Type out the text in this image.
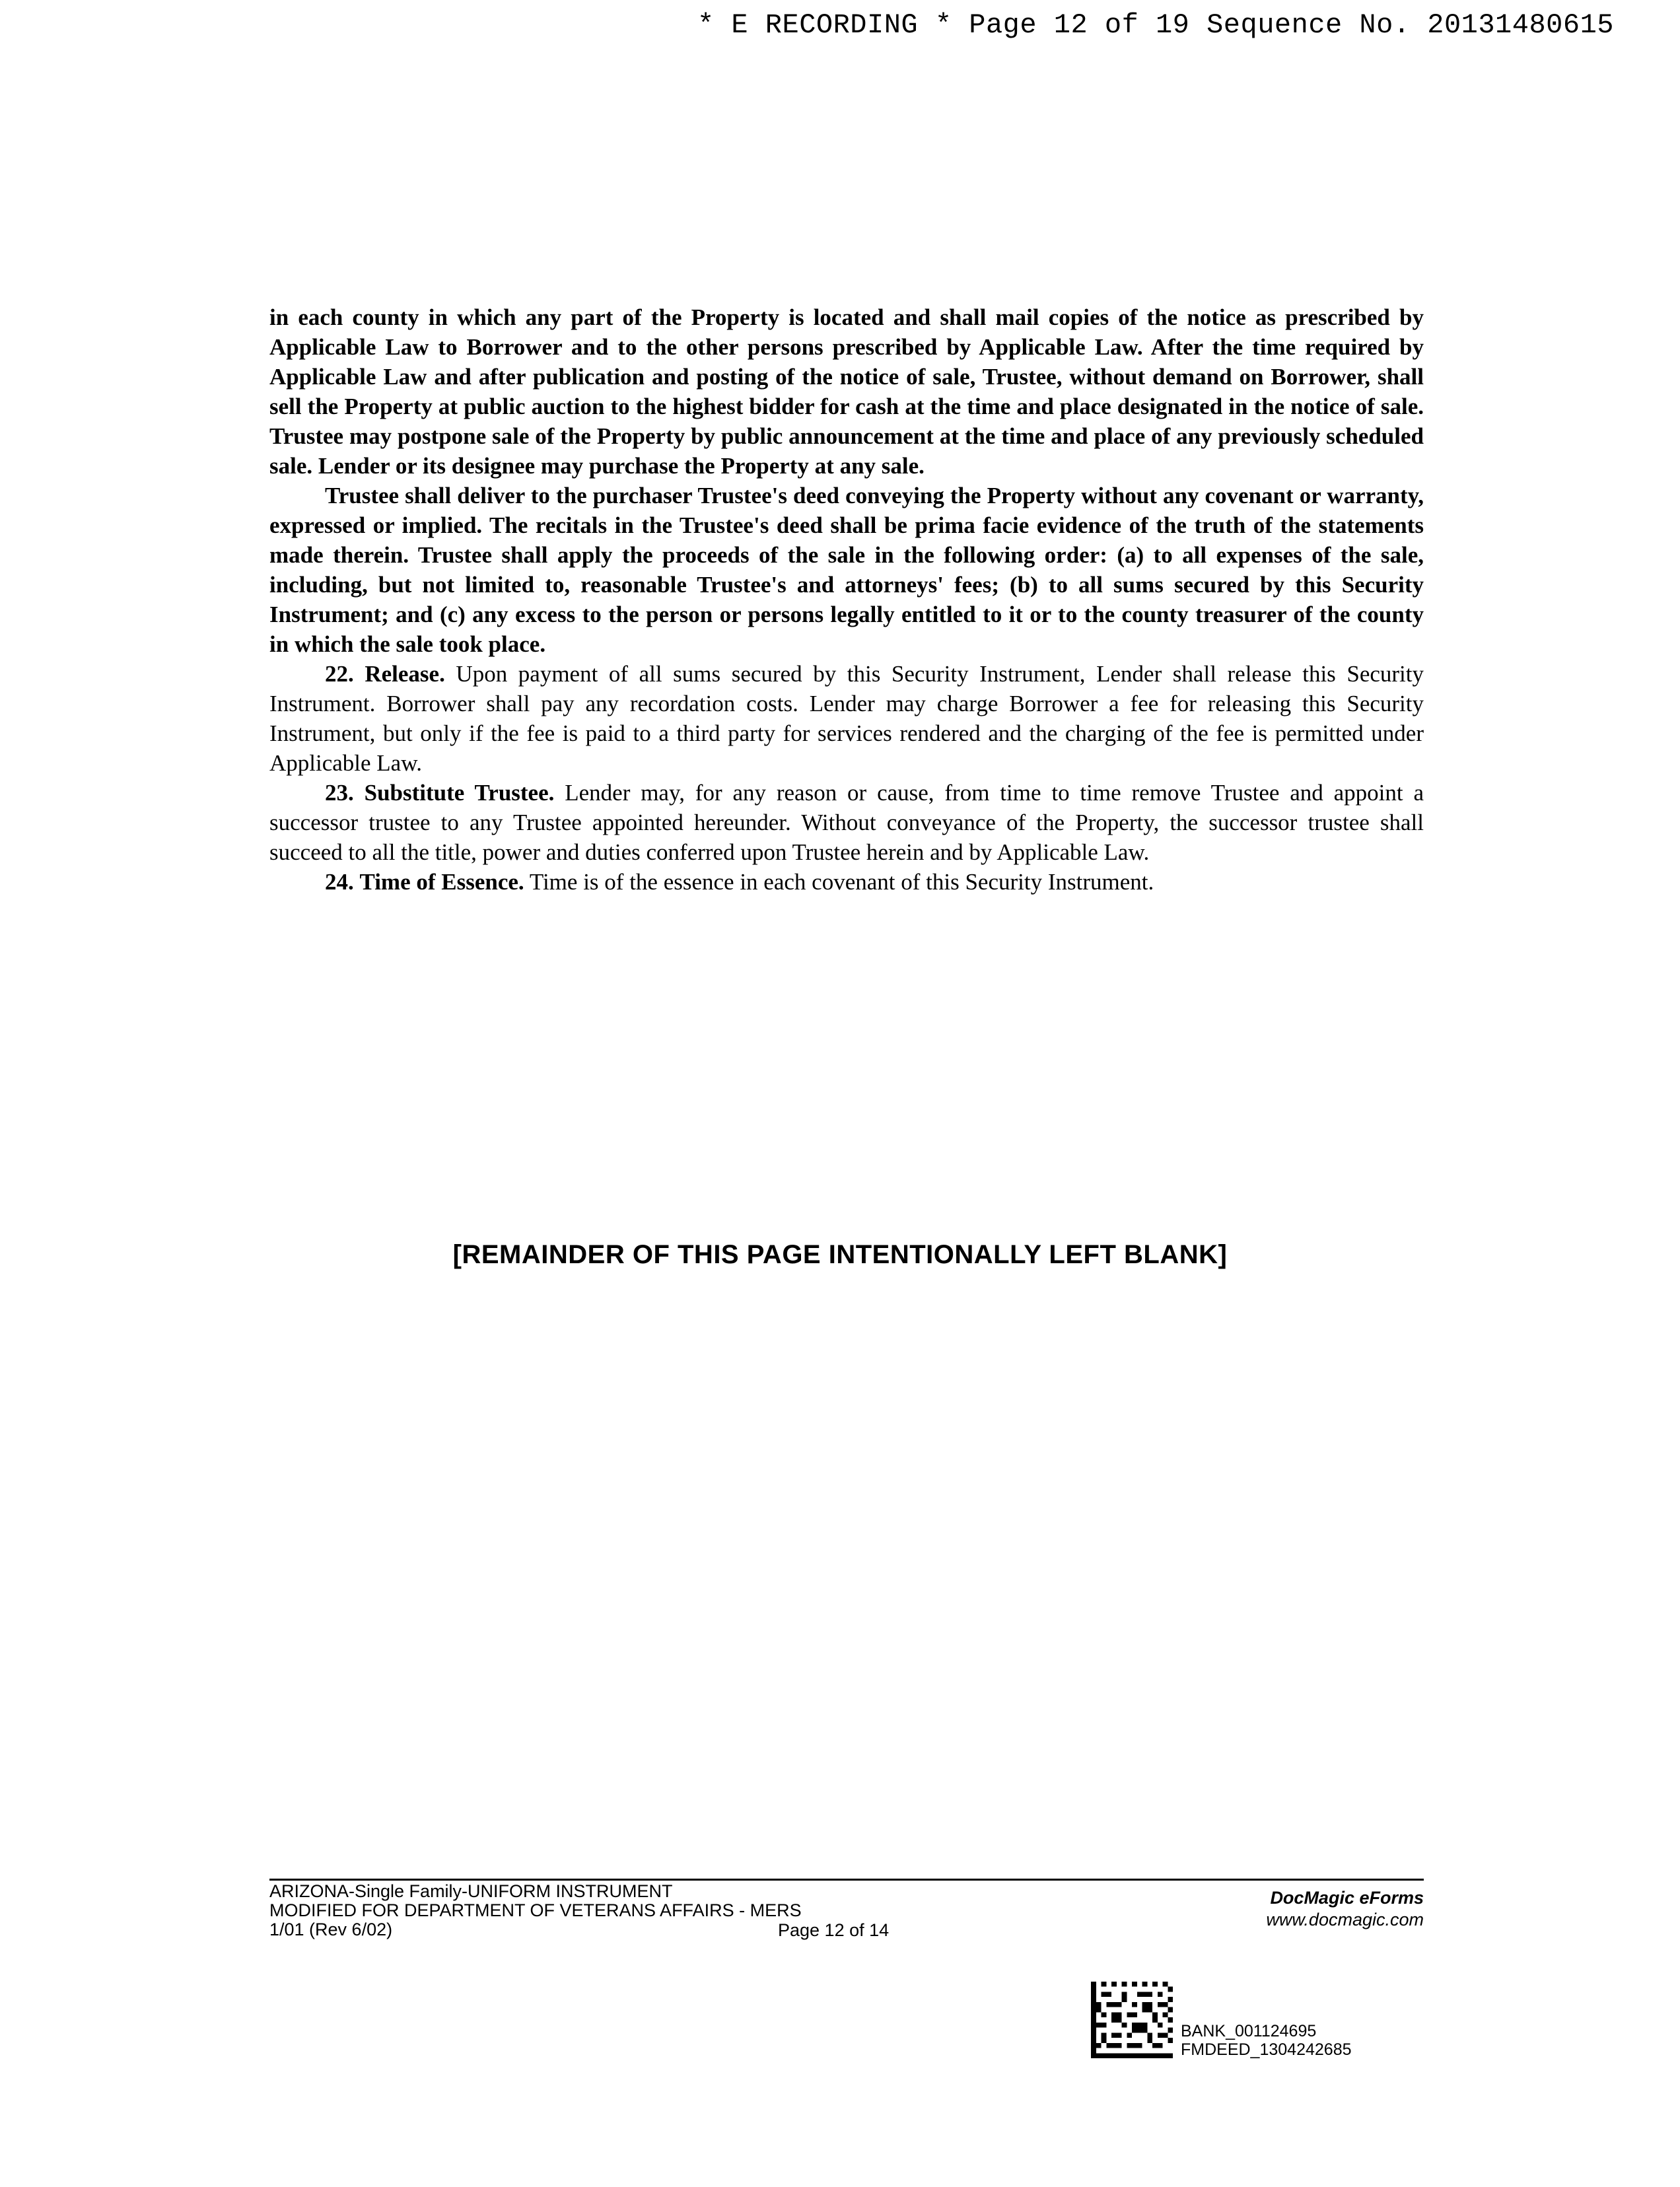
* E RECORDING * Page 12 of 19 Sequence No. 20131480615

in each county in which any part of the Property is located and shall mail copies of the notice as prescribed by Applicable Law to Borrower and to the other persons prescribed by Applicable Law. After the time required by Applicable Law and after publication and posting of the notice of sale, Trustee, without demand on Borrower, shall sell the Property at public auction to the highest bidder for cash at the time and place designated in the notice of sale. Trustee may postpone sale of the Property by public announcement at the time and place of any previously scheduled sale. Lender or its designee may purchase the Property at any sale.

Trustee shall deliver to the purchaser Trustee's deed conveying the Property without any covenant or warranty, expressed or implied. The recitals in the Trustee's deed shall be prima facie evidence of the truth of the statements made therein. Trustee shall apply the proceeds of the sale in the following order: (a) to all expenses of the sale, including, but not limited to, reasonable Trustee's and attorneys' fees; (b) to all sums secured by this Security Instrument; and (c) any excess to the person or persons legally entitled to it or to the county treasurer of the county in which the sale took place.

22. Release. Upon payment of all sums secured by this Security Instrument, Lender shall release this Security Instrument. Borrower shall pay any recordation costs. Lender may charge Borrower a fee for releasing this Security Instrument, but only if the fee is paid to a third party for services rendered and the charging of the fee is permitted under Applicable Law.

23. Substitute Trustee. Lender may, for any reason or cause, from time to time remove Trustee and appoint a successor trustee to any Trustee appointed hereunder. Without conveyance of the Property, the successor trustee shall succeed to all the title, power and duties conferred upon Trustee herein and by Applicable Law.

24. Time of Essence. Time is of the essence in each covenant of this Security Instrument.

[REMAINDER OF THIS PAGE INTENTIONALLY LEFT BLANK]
ARIZONA-Single Family-UNIFORM INSTRUMENT
MODIFIED FOR DEPARTMENT OF VETERANS AFFAIRS - MERS
1/01 (Rev 6/02)	Page 12 of 14
DocMagic eForms
www.docmagic.com
BANK_001124695
FMDEED_1304242685
